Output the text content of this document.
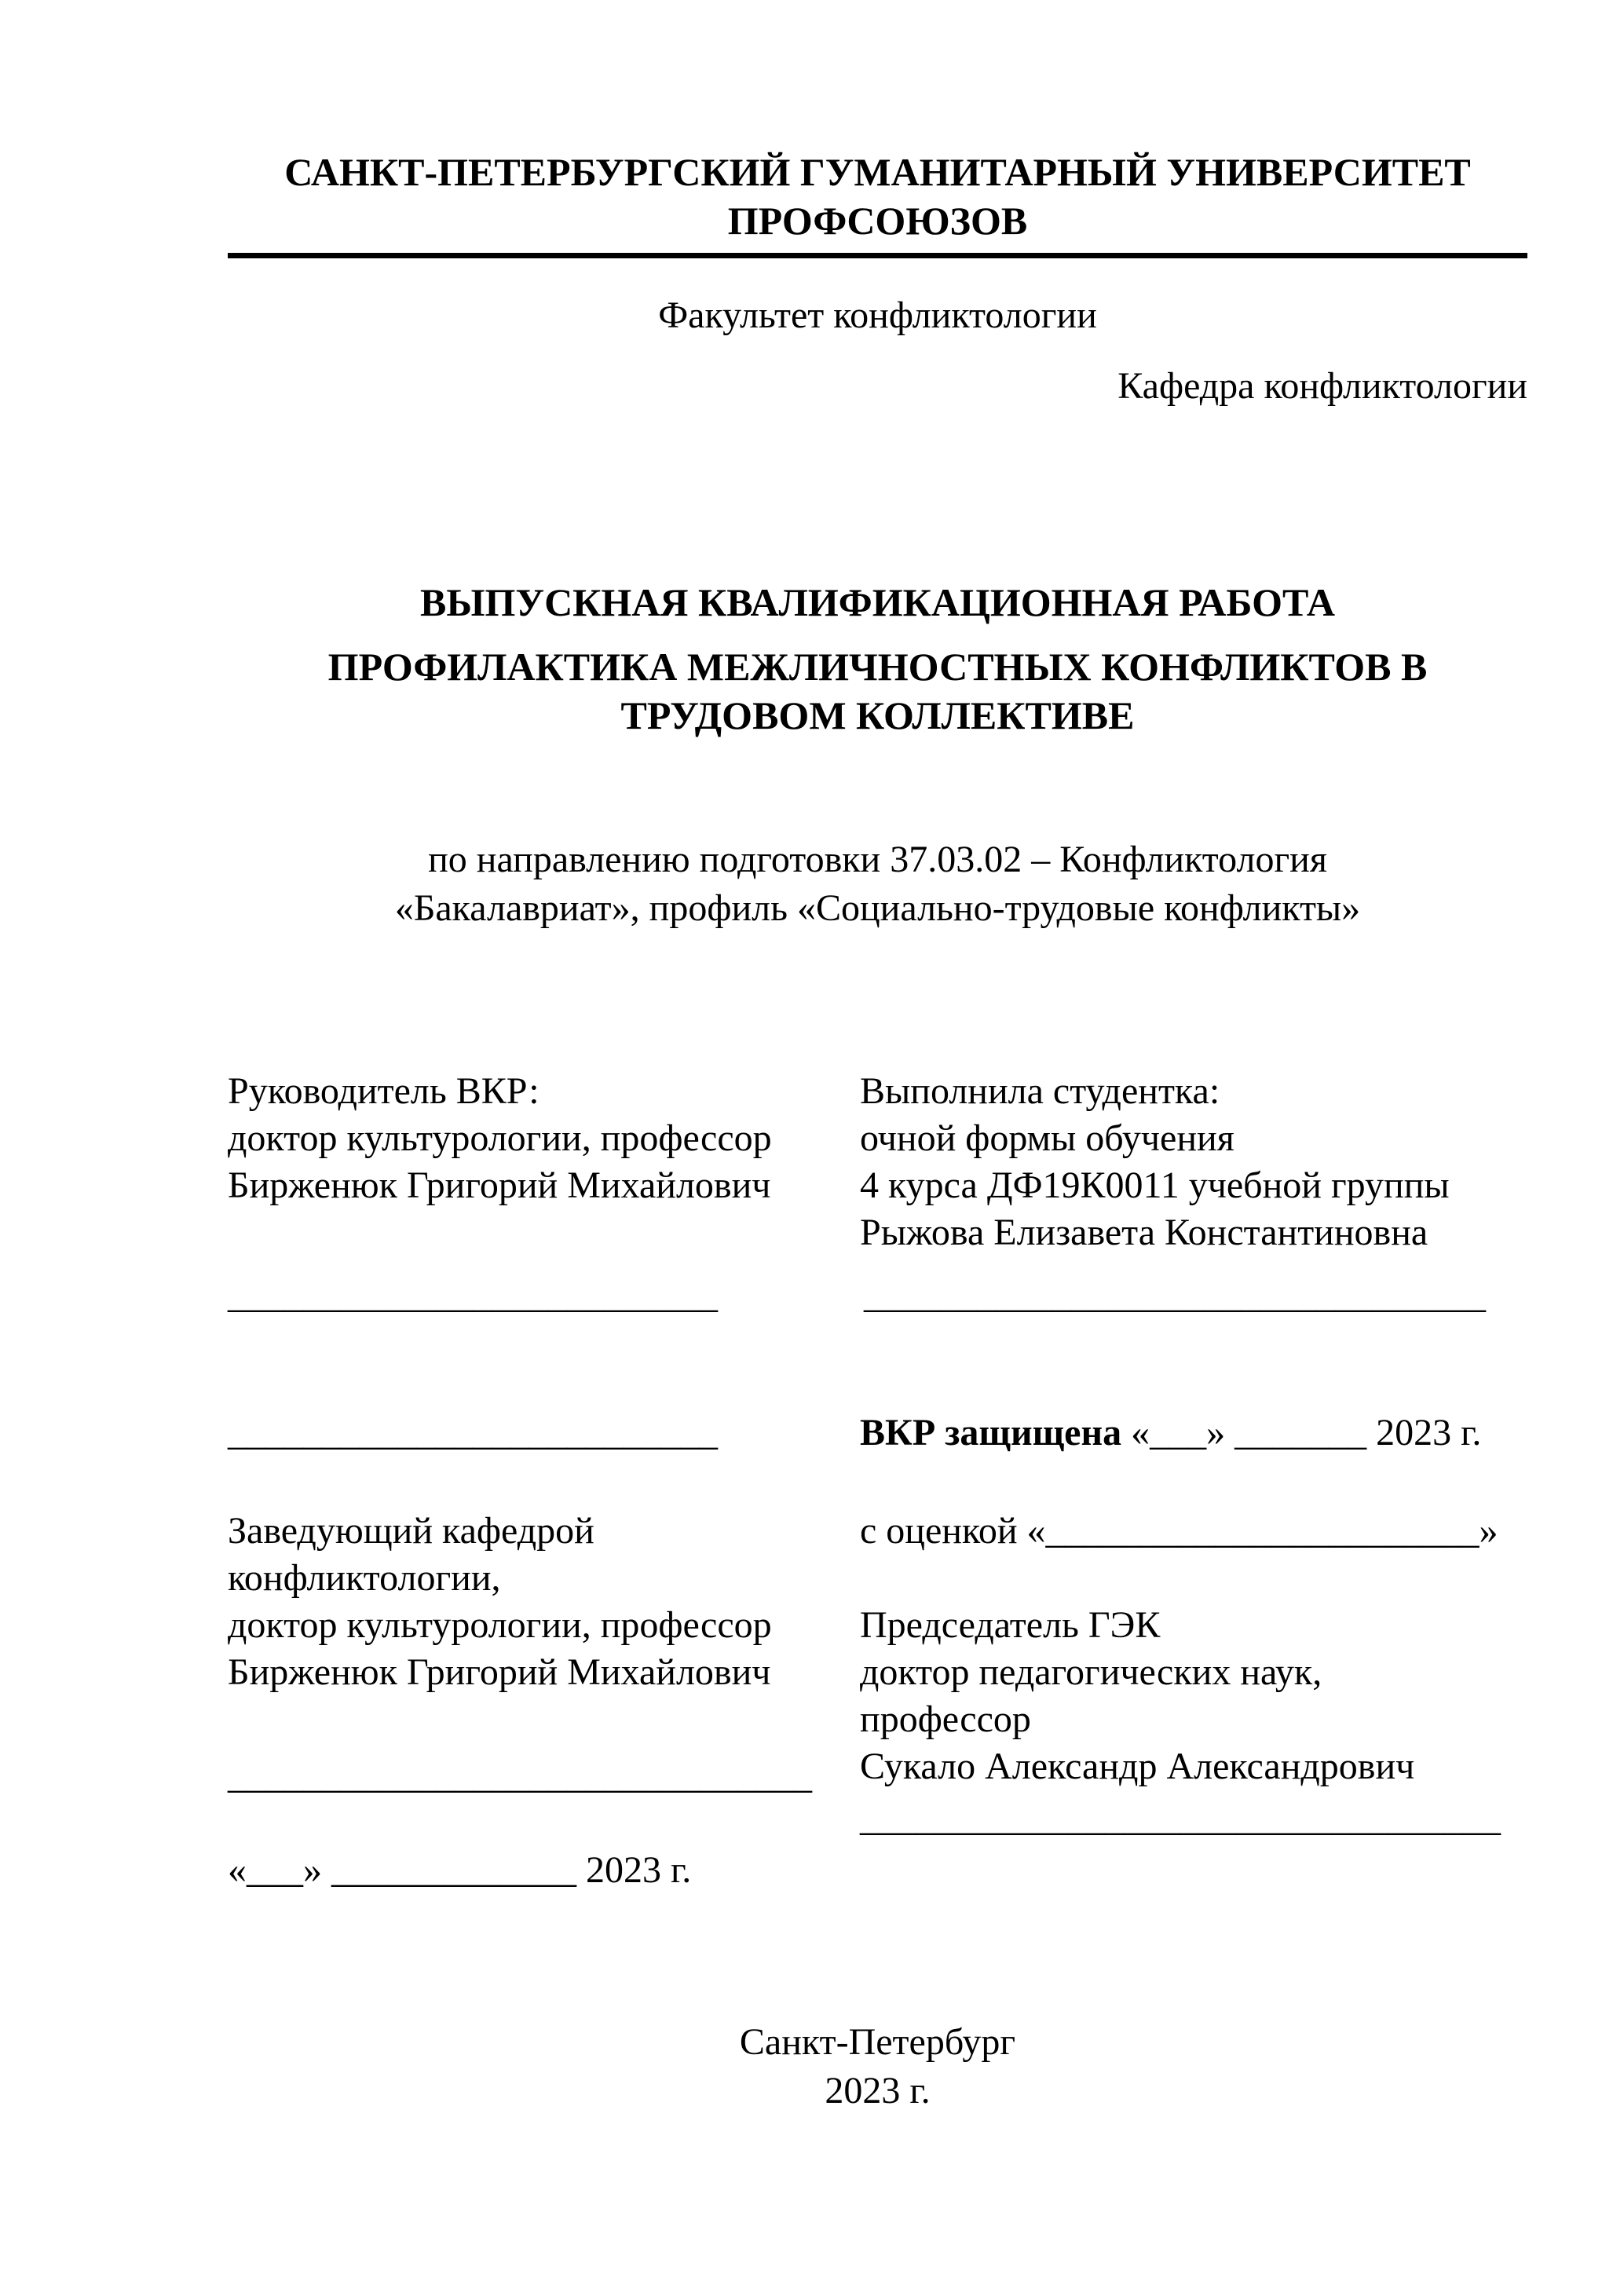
САНКТ-ПЕТЕРБУРГСКИЙ ГУМАНИТАРНЫЙ УНИВЕРСИТЕТ
ПРОФСОЮЗОВ
Факультет конфликтологии
Кафедра конфликтологии
ВЫПУСКНАЯ КВАЛИФИКАЦИОННАЯ РАБОТА
ПРОФИЛАКТИКА МЕЖЛИЧНОСТНЫХ КОНФЛИКТОВ В
ТРУДОВОМ КОЛЛЕКТИВЕ
по направлению подготовки 37.03.02 – Конфликтология
«Бакалавриат», профиль «Социально-трудовые конфликты»
Руководитель ВКР:
доктор культурологии, профессор
Бирженюк Григорий Михайлович
Выполнила студентка:
очной формы обучения
4 курса ДФ19К0011 учебной группы
Рыжова Елизавета Константиновна
__________________________	_________________________________
__________________________	ВКР защищена «___» _______ 2023 г.
Заведующий кафедрой
конфликтологии,
доктор культурологии, профессор
Бирженюк Григорий Михайлович
с оценкой «_______________________»
Председатель ГЭК
доктор педагогических наук,
профессор
Сукало Александр Александрович
_______________________________
__________________________________
«___» _____________ 2023 г.
Санкт-Петербург
2023 г.
